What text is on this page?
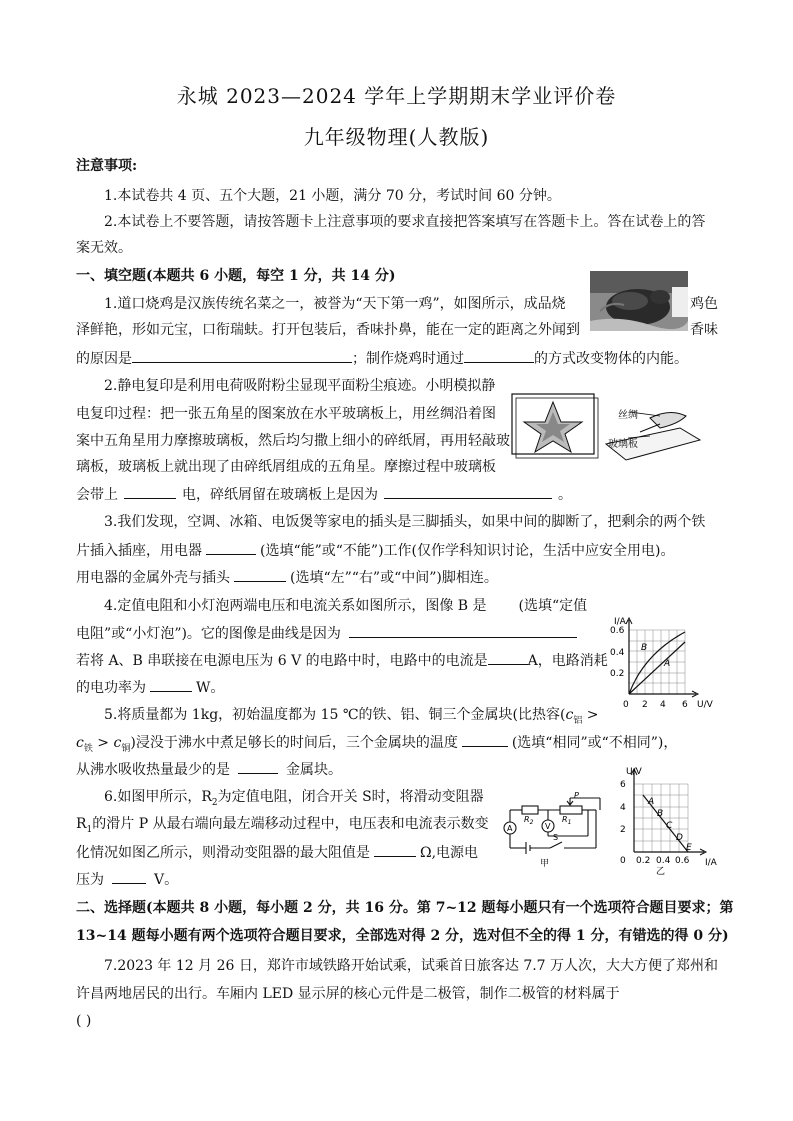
永城 2023—2024 学年上学期期末学业评价卷
九年级物理(人教版)
注意事项:
1.本试卷共 4 页、五个大题，21 小题，满分 70 分，考试时间 60 分钟。
2.本试卷上不要答题，请按答题卡上注意事项的要求直接把答案填写在答题卡上。答在试卷上的答
案无效。
一、填空题(本题共 6 小题，每空 1 分，共 14 分)
1.道口烧鸡是汉族传统名菜之一，被誉为“天下第一鸡”，如图所示，成品烧	鸡色
泽鲜艳，形如元宝，口衔瑞蚨。打开包装后，香味扑鼻，能在一定的距离之外闻到	香味
的原因是	；制作烧鸡时通过	的方式改变物体的内能。
2.静电复印是利用电荷吸附粉尘显现平面粉尘痕迹。小明模拟静
电复印过程：把一张五角星的图案放在水平玻璃板上，用丝绸沿着图
案中五角星用力摩擦玻璃板，然后均匀撒上细小的碎纸屑，再用轻敲玻
璃板，玻璃板上就出现了由碎纸屑组成的五角星。摩擦过程中玻璃板
会带上	电，碎纸屑留在玻璃板上是因为	。
丝绸
玻璃板
3.我们发现，空调、冰箱、电饭煲等家电的插头是三脚插头，如果中间的脚断了，把剩余的两个铁
片插入插座，用电器	(选填“能”或“不能”)工作(仅作学科知识讨论，生活中应安全用电)。
用电器的金属外壳与插头	(选填“左”“右”或“中间”)脚相连。
4.定值电阻和小灯泡两端电压和电流关系如图所示，图像 B 是 (选填“定值
电阻”或“小灯泡”)。它的图像是曲线是因为
若将 A、B 串联接在电源电压为 6 V 的电路中时，电路中的电流是	A，电路消耗
的电功率为	W。
I/A
U/V
0.6
0.4
0.2
0 2 4 6
B
A
5.将质量都为 1kg，初始温度都为 15 ℃的铁、铝、铜三个金属块(比热容($c_铝$ >
$c_铁 > c_铜$)浸没于沸水中煮足够长的时间后，三个金属块的温度	(选填“相同”或“不相同”)，
从沸水吸收热量最少的是	金属块。
6.如图甲所示，$R_2$为定值电阻，闭合开关 S时，将滑动变阻器
$R_1$的滑片 P 从最右端向最左端移动过程中，电压表和电流表示数变
化情况如图乙所示，则滑动变阻器的最大阻值是	Ω,电源电
压为	V。
A	V
$R_2$	$R_1$
P
S
甲
U/V
I/A
6
4
2
0 0.2 0.4 0.6
A
B
C
D
E
乙
二、选择题(本题共 8 小题，每小题 2 分，共 16 分。第 7~12 题每小题只有一个选项符合题目要求；第
13~14 题每小题有两个选项符合题目要求，全部选对得 2 分，选对但不全的得 1 分，有错选的得 0 分)
7.2023 年 12 月 26 日，郑许市域铁路开始试乘，试乘首日旅客达 7.7 万人次，大大方便了郑州和
许昌两地居民的出行。车厢内 LED 显示屏的核心元件是二极管，制作二极管的材料属于
( )
